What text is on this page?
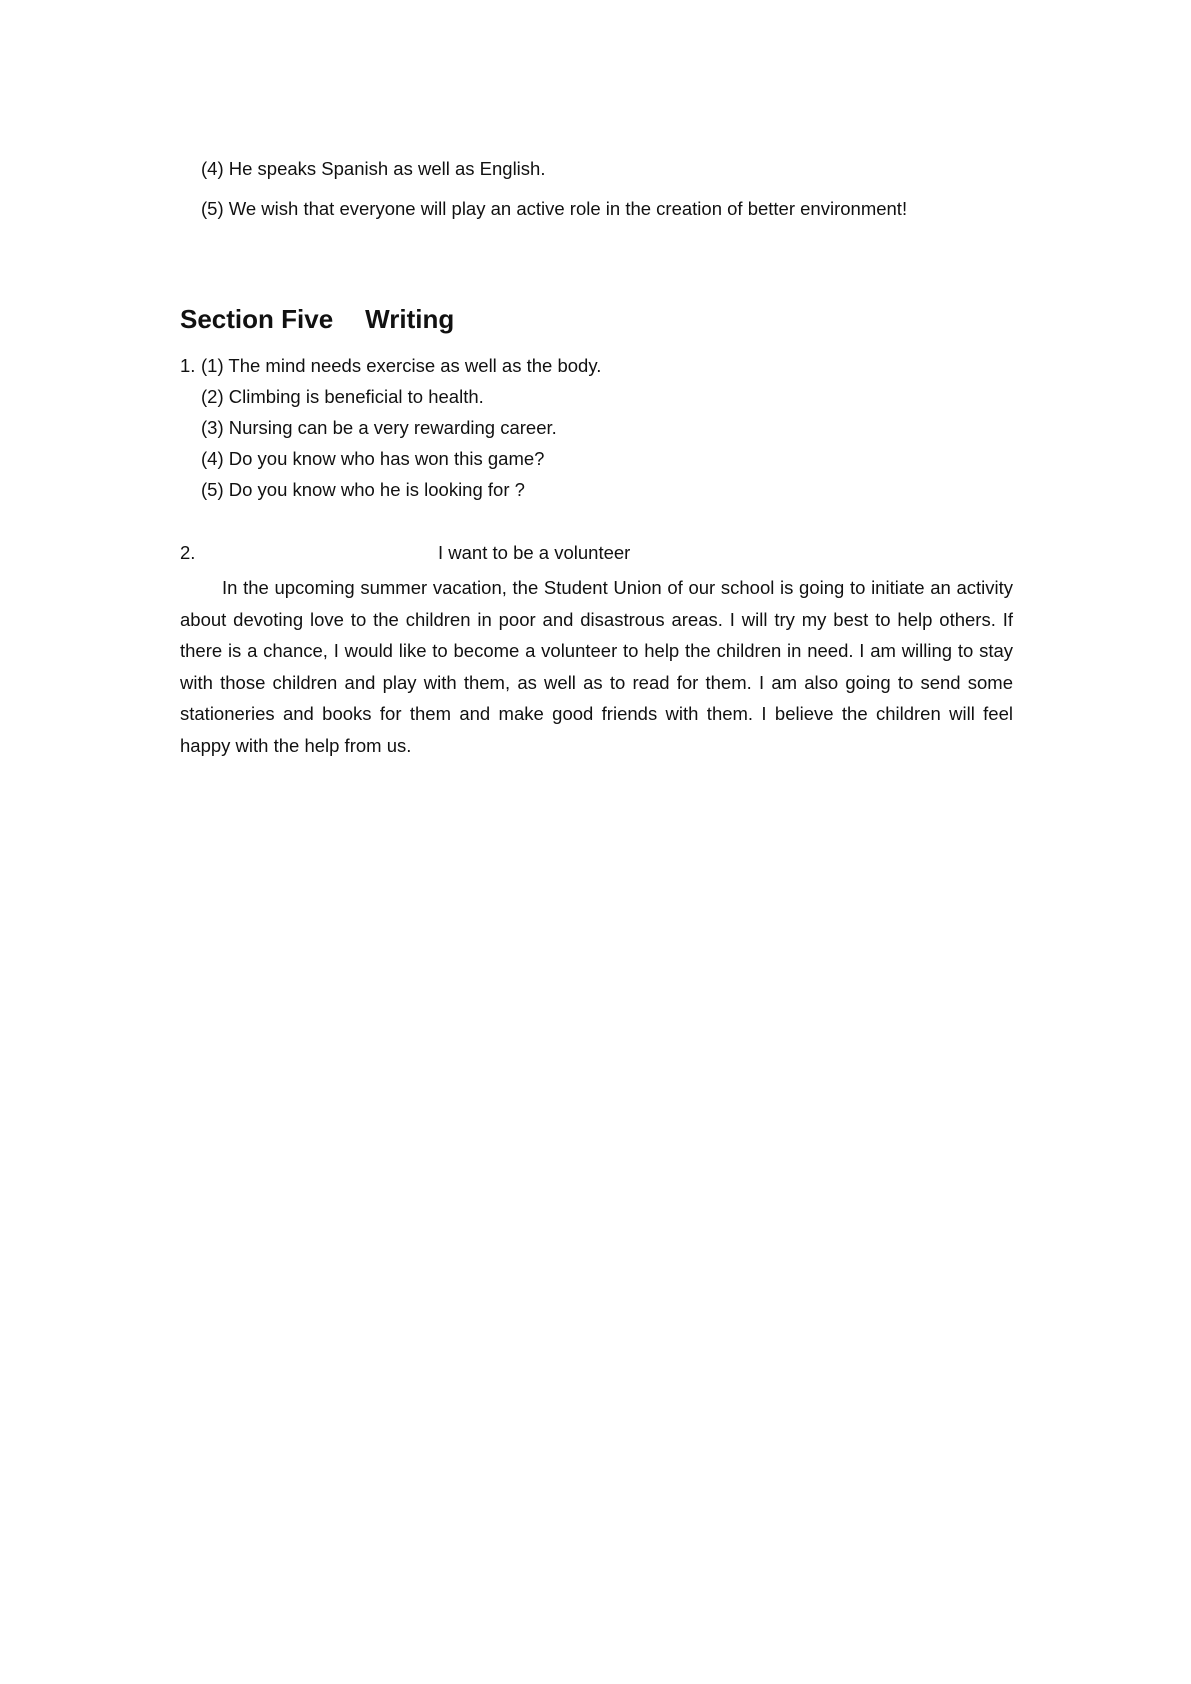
(4) He speaks Spanish as well as English.
(5) We wish that everyone will play an active role in the creation of better environment!
Section Five Writing
1. (1) The mind needs exercise as well as the body.
(2) Climbing is beneficial to health.
(3) Nursing can be a very rewarding career.
(4) Do you know who has won this game?
(5) Do you know who he is looking for ?
2.	I want to be a volunteer

In the upcoming summer vacation, the Student Union of our school is going to initiate an activity about devoting love to the children in poor and disastrous areas. I will try my best to help others. If there is a chance, I would like to become a volunteer to help the children in need. I am willing to stay with those children and play with them, as well as to read for them. I am also going to send some stationeries and books for them and make good friends with them. I believe the children will feel happy with the help from us.
